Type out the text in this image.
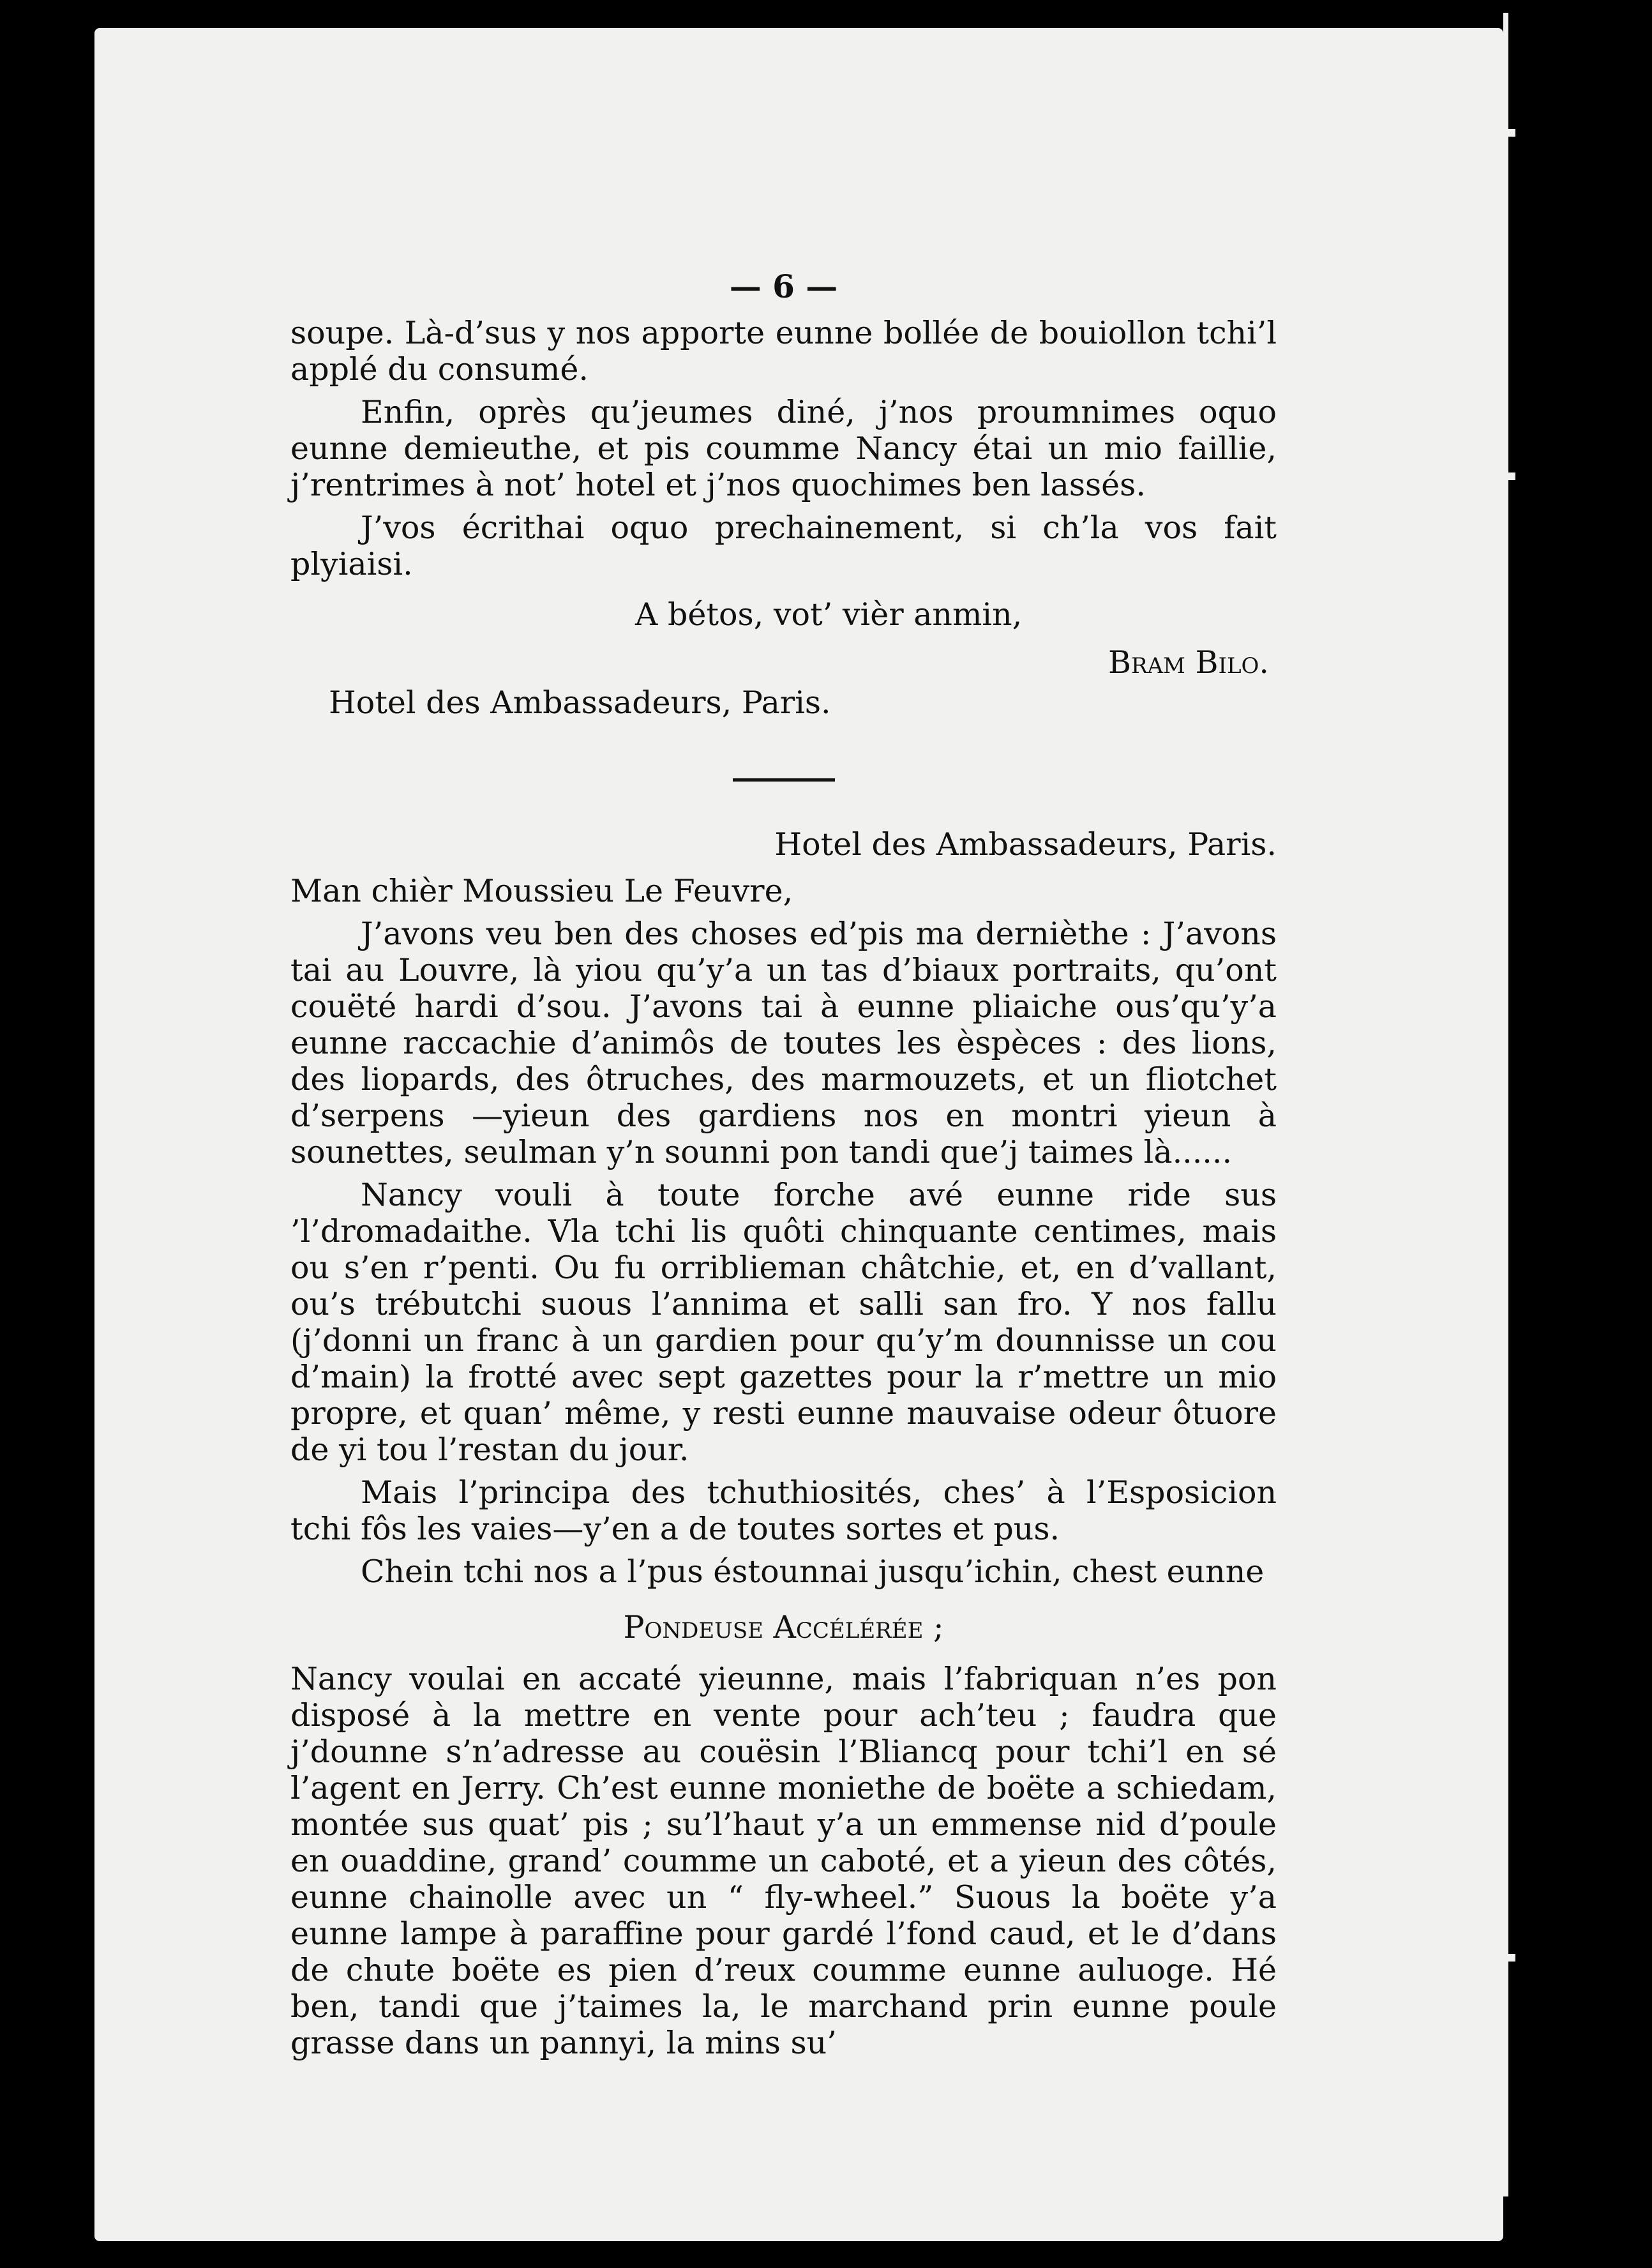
— 6 —

soupe. Là-d’sus y nos apporte eunne bollée de bouiollon tchi’l applé du consumé.

Enfin, oprès qu’jeumes diné, j’nos proumnimes oquo eunne demieuthe, et pis coumme Nancy étai un mio faillie, j’rentrimes à not’ hotel et j’nos quochimes ben lassés.

J’vos écrithai oquo prechainement, si ch’la vos fait plyiaisi.

A bétos, vot’ vièr anmin,
Bram Bilo.
Hotel des Ambassadeurs, Paris.

Hotel des Ambassadeurs, Paris.

Man chièr Moussieu Le Feuvre,

J’avons veu ben des choses ed’pis ma dernièthe : J’avons tai au Louvre, là yiou qu’y’a un tas d’biaux portraits, qu’ont couëté hardi d’sou. J’avons tai à eunne pliaiche ous’qu’y’a eunne raccachie d’animôs de toutes les èspèces : des lions, des liopards, des ôtruches, des marmouzets, et un fliotchet d’serpens —yieun des gardiens nos en montri yieun à sounettes, seulman y’n sounni pon tandi que’j taimes là......

Nancy vouli à toute forche avé eunne ride sus ’l’dromadaithe. Vla tchi lis quôti chinquante centimes, mais ou s’en r’penti. Ou fu orriblieman châtchie, et, en d’vallant, ou’s trébutchi suous l’annima et salli san fro. Y nos fallu (j’donni un franc à un gardien pour qu’y’m dounnisse un cou d’main) la frotté avec sept gazettes pour la r’mettre un mio propre, et quan’ même, y resti eunne mauvaise odeur ôtuore de yi tou l’restan du jour.

Mais l’principa des tchuthiosités, ches’ à l’Esposicion tchi fôs les vaies—y’en a de toutes sortes et pus.

Chein tchi nos a l’pus éstounnai jusqu’ichin, chest eunne

Pondeuse Accélérée ;

Nancy voulai en accaté yieunne, mais l’fabriquan n’es pon disposé à la mettre en vente pour ach’teu ; faudra que j’dounne s’n’adresse au couësin l’Bliancq pour tchi’l en sé l’agent en Jerry. Ch’est eunne moniethe de boëte a schiedam, montée sus quat’ pis ; su’l’haut y’a un emmense nid d’poule en ouaddine, grand’ coumme un caboté, et a yieun des côtés, eunne chainolle avec un “ fly-wheel.” Suous la boëte y’a eunne lampe à paraffine pour gardé l’fond caud, et le d’dans de chute boëte es pien d’reux coumme eunne auluoge. Hé ben, tandi que j’taimes la, le marchand prin eunne poule grasse dans un pannyi, la mins su’
